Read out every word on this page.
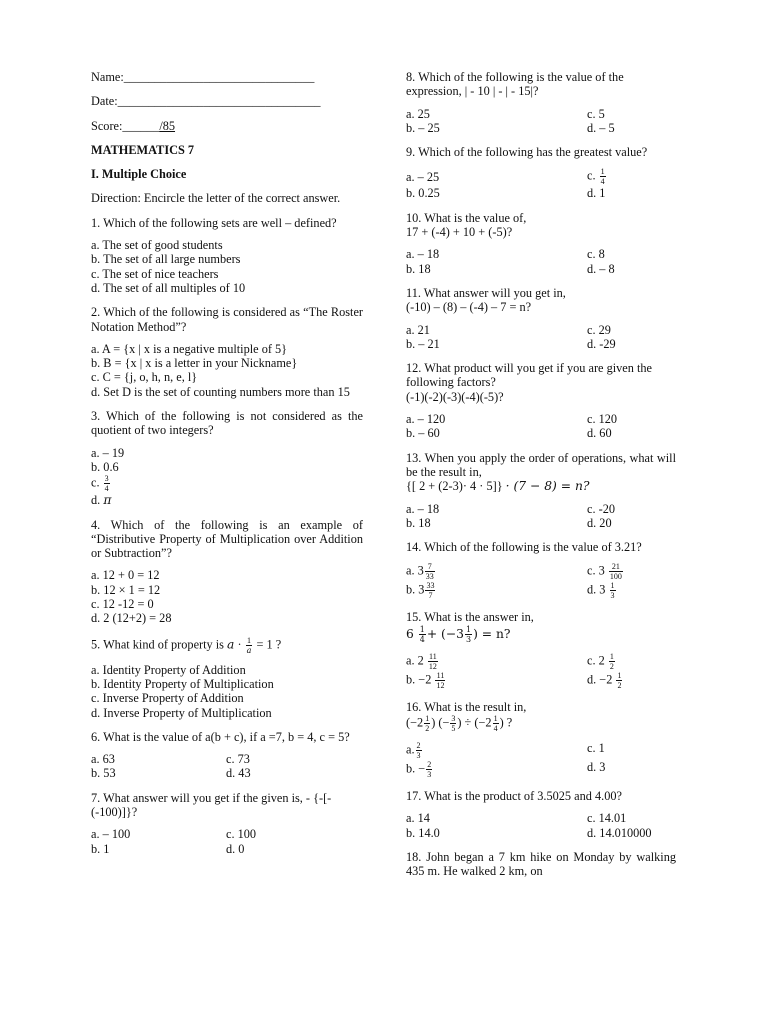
Name:_______________________________

Date:_________________________________

Score:______/85

MATHEMATICS 7

I. Multiple Choice

Direction: Encircle the letter of the correct answer.

1. Which of the following sets are well – defined?

a. The set of good students

b. The set of all large numbers

c. The set of nice teachers

d. The set of all multiples of 10

2. Which of the following is considered as “The Roster Notation Method”?

a. A = {x | x is a negative multiple of 5}

b. B = {x | x is a letter in your Nickname}

c. C = {j, o, h, n, e, l}

d. Set D is the set of counting numbers more than 15

3. Which of the following is not considered as the quotient of two integers?

a. – 19

b. 0.6

c. $\frac{3}{4}$

d. π

4. Which of the following is an example of “Distributive Property of Multiplication over Addition or Subtraction”?

a. 12 + 0 = 12

b. 12 × 1 = 12

c. 12 -12 = 0

d. 2 (12+2) = 28

5. What kind of property is $a \cdot \frac{1}{a} = 1$ ?

a. Identity Property of Addition

b. Identity Property of Multiplication

c. Inverse Property of Addition

d. Inverse Property of Multiplication

6. What is the value of a(b + c), if a =7, b = 4, c = 5?

a. 63	c. 73
b. 53	d. 43

7. What answer will you get if the given is, - {-[-(-100)]}?

a. – 100	c. 100
b. 1	d. 0

8. Which of the following is the value of the expression, | - 10 | - | - 15|?

a. 25	c. 5
b. – 25	d. – 5

9. Which of the following has the greatest value?

a. – 25	c. $\frac{1}{4}$
b. 0.25	d. 1

10. What is the value of,

17 + (-4) + 10 + (-5)?

a. – 18	c. 8
b. 18	d. – 8

11. What answer will you get in,

(-10) – (8) – (-4) – 7 = n?

a. 21	c. 29
b. – 21	d. -29

12. What product will you get if you are given the following factors?

(-1)(-2)(-3)(-4)(-5)?

a. – 120	c. 120
b. – 60	d. 60

13. When you apply the order of operations, what will be the result in,

{[ 2 + (2-3)· 4 · 5]} · (7 − 8) = n?

a. – 18	c. -20
b. 18	d. 20

14. Which of the following is the value of 3.21?

a. $3 \frac{7}{33}$	c. $3 \frac{21}{100}$
b. $3 \frac{33}{7}$	d. $3 \frac{1}{3}$

15. What is the answer in,

$6 \frac{1}{4} + (-3 \frac{1}{3}$ ) = n?

a. $2 \frac{11}{12}$	c. $2 \frac{1}{2}$
b. $-2 \frac{11}{12}$	d. $-2 \frac{1}{2}$

16. What is the result in,

($-2 \frac{1}{2}$ ) (− $\frac{3}{5}$ ) ÷ ($-2 \frac{1}{4}$ ) ?

a. $\frac{2}{3}$	c. 1
b. − $\frac{2}{3}$	d. 3

17. What is the product of 3.5025 and 4.00?

a. 14	c. 14.01
b. 14.0	d. 14.010000

18. John began a 7 km hike on Monday by walking 435 m. He walked 2 km, on
